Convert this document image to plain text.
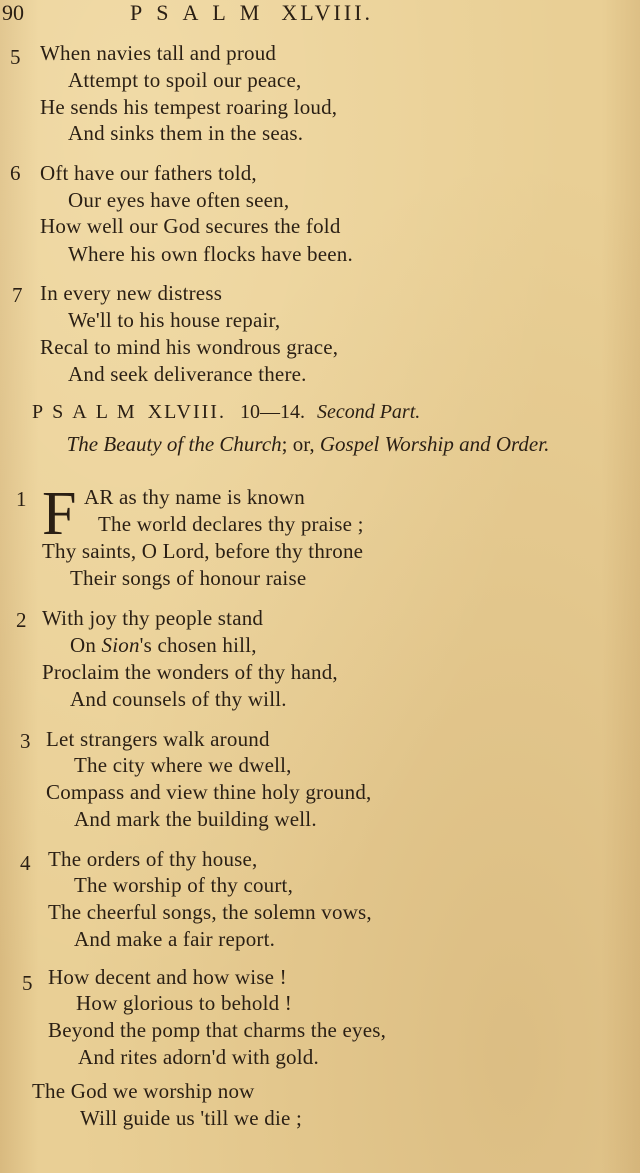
90	PSALM XLVIII.
5 When navies tall and proud
Attempt to spoil our peace,
He sends his tempest roaring loud,
And sinks them in the seas.
6 Oft have our fathers told,
Our eyes have often seen,
How well our God secures the fold
Where his own flocks have been.
7 In every new distress
We'll to his house repair,
Recal to mind his wondrous grace,
And seek deliverance there.
PSALM XLVIII. 10—14. Second Part.
The Beauty of the Church; or, Gospel Worship and Order.
1 F AR as thy name is known
The world declares thy praise ;
Thy saints, O Lord, before thy throne
Their songs of honour raise
2 With joy thy people stand
On Sion's chosen hill,
Proclaim the wonders of thy hand,
And counsels of thy will.
3 Let strangers walk around
The city where we dwell,
Compass and view thine holy ground,
And mark the building well.
4 The orders of thy house,
The worship of thy court,
The cheerful songs, the solemn vows,
And make a fair report.
5 How decent and how wise !
How glorious to behold !
Beyond the pomp that charms the eyes,
And rites adorn'd with gold.
The God we worship now
Will guide us 'till we die ;
